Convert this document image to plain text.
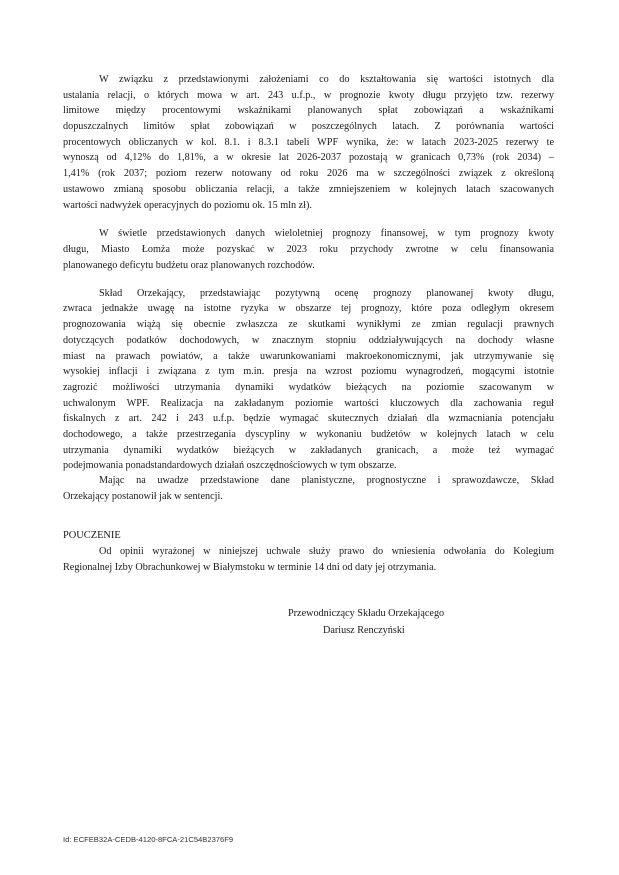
W związku z przedstawionymi założeniami co do kształtowania się wartości istotnych dla
ustalania relacji, o których mowa w art. 243 u.f.p., w prognozie kwoty długu przyjęto tzw. rezerwy
limitowe między procentowymi wskaźnikami planowanych spłat zobowiązań a wskaźnikami
dopuszczalnych limitów spłat zobowiązań w poszczególnych latach. Z porównania wartości
procentowych obliczanych w kol. 8.1. i 8.3.1 tabeli WPF wynika, że: w latach 2023-2025 rezerwy te
wynoszą od 4,12% do 1,81%, a w okresie lat 2026-2037 pozostają w granicach 0,73% (rok 2034) –
1,41% (rok 2037; poziom rezerw notowany od roku 2026 ma w szczególności związek z określoną
ustawowo zmianą sposobu obliczania relacji, a także zmniejszeniem w kolejnych latach szacowanych
wartości nadwyżek operacyjnych do poziomu ok. 15 mln zł).
W świetle przedstawionych danych wieloletniej prognozy finansowej, w tym prognozy kwoty
długu, Miasto Łomża może pozyskać w 2023 roku przychody zwrotne w celu finansowania
planowanego deficytu budżetu oraz planowanych rozchodów.
Skład Orzekający, przedstawiając pozytywną ocenę prognozy planowanej kwoty długu,
zwraca jednakże uwagę na istotne ryzyka w obszarze tej prognozy, które poza odległym okresem
prognozowania wiążą się obecnie zwłaszcza ze skutkami wynikłymi ze zmian regulacji prawnych
dotyczących podatków dochodowych, w znacznym stopniu oddziaływujących na dochody własne
miast na prawach powiatów, a także uwarunkowaniami makroekonomicznymi, jak utrzymywanie się
wysokiej inflacji i związana z tym m.in. presja na wzrost poziomu wynagrodzeń, mogącymi istotnie
zagrozić możliwości utrzymania dynamiki wydatków bieżących na poziomie szacowanym w
uchwalonym WPF. Realizacja na zakładanym poziomie wartości kluczowych dla zachowania reguł
fiskalnych z art. 242 i 243 u.f.p. będzie wymagać skutecznych działań dla wzmacniania potencjału
dochodowego, a także przestrzegania dyscypliny w wykonaniu budżetów w kolejnych latach w celu
utrzymania dynamiki wydatków bieżących w zakładanych granicach, a może też wymagać
podejmowania ponadstandardowych działań oszczędnościowych w tym obszarze.
Mając na uwadze przedstawione dane planistyczne, prognostyczne i sprawozdawcze, Skład
Orzekający postanowił jak w sentencji.
POUCZENIE
Od opinii wyrażonej w niniejszej uchwale służy prawo do wniesienia odwołania do Kolegium
Regionalnej Izby Obrachunkowej w Białymstoku w terminie 14 dni od daty jej otrzymania.
Przewodniczący Składu Orzekającego
Dariusz Renczyński
Id: ECFEB32A-CEDB-4120-8FCA-21C54B2376F9
